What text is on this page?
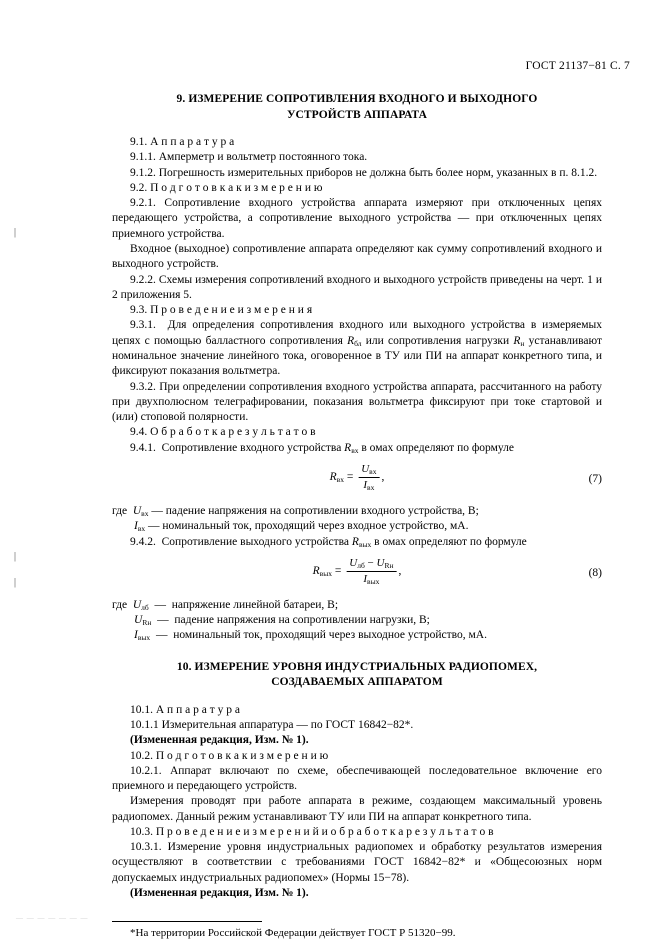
|
|
|
ГОСТ 21137−81 С. 7
9. ИЗМЕРЕНИЕ СОПРОТИВЛЕНИЯ ВХОДНОГО И ВЫХОДНОГО
УСТРОЙСТВ АППАРАТА

9.1. А п п а р а т у р а

9.1.1. Амперметр и вольтметр постоянного тока.

9.1.2. Погрешность измерительных приборов не должна быть более норм, указанных в п. 8.1.2.

9.2. П о д г о т о в к а к и з м е р е н и ю

9.2.1. Сопротивление входного устройства аппарата измеряют при отключенных цепях передающего устройства, а сопротивление выходного устройства — при отключенных цепях приемного устройства.

Входное (выходное) сопротивление аппарата определяют как сумму сопротивлений входного и выходного устройств.

9.2.2. Схемы измерения сопротивлений входного и выходного устройств приведены на черт. 1 и 2 приложения 5.

9.3. П р о в е д е н и е и з м е р е н и я

9.3.1.  Для определения сопротивления входного или выходного устройства в измеряемых цепях с помощью балластного сопротивления $R_{бл}$ или сопротивления нагрузки $R_н$ устанавливают номинальное значение линейного тока, оговоренное в ТУ или ПИ на аппарат конкретного типа, и фиксируют показания вольтметра.

9.3.2. При определении сопротивления входного устройства аппарата, рассчитанного на работу при двухполюсном телеграфировании, показания вольтметра фиксируют при токе стартовой и (или) стоповой полярности.

9.4. О б р а б о т к а р е з у л ь т а т о в

9.4.1.  Сопротивление входного устройства $R_{вх}$ в омах определяют по формуле

$R_{вх} = \frac{U_{вх}}{I_{вх}}$ ,	(7)

где $U_{вх}$ — падение напряжения на сопротивлении входного устройства, В;

$I_{вх}$ — номинальный ток, проходящий через входное устройство, мА.

9.4.2.  Сопротивление выходного устройства $R_{вых}$ в омах определяют по формуле

$R_{вых} = \frac{U_{лб} - U_{Rн}}{I_{вых}}$ ,	(8)

где $U_{лб}$  —  напряжение линейной батареи, В;

$U_{Rн}$  —  падение напряжения на сопротивлении нагрузки, В;

$I_{вых}$  —  номинальный ток, проходящий через выходное устройство, мА.

10. ИЗМЕРЕНИЕ УРОВНЯ ИНДУСТРИАЛЬНЫХ РАДИОПОМЕХ,
СОЗДАВАЕМЫХ АППАРАТОМ

10.1. А п п а р а т у р а

10.1.1 Измерительная аппаратура — по ГОСТ 16842−82*.

(Измененная редакция, Изм. № 1).

10.2. П о д г о т о в к а к и з м е р е н и ю

10.2.1. Аппарат включают по схеме, обеспечивающей последовательное включение его приемного и передающего устройств.

Измерения проводят при работе аппарата в режиме, создающем максимальный уровень радиопомех. Данный режим устанавливают ТУ или ПИ на аппарат конкретного типа.

10.3. П р о в е д е н и е и з м е р е н и й и о б р а б о т к а р е з у л ь т а т о в

10.3.1. Измерение уровня индустриальных радиопомех и обработку результатов измерения осуществляют в соответствии с требованиями ГОСТ 16842−82* и «Общесоюзных норм допускаемых индустриальных радиопомех» (Нормы 15−78).

(Измененная редакция, Изм. № 1).

*На территории Российской Федерации действует ГОСТ Р 51320−99.
— — — — — — —
